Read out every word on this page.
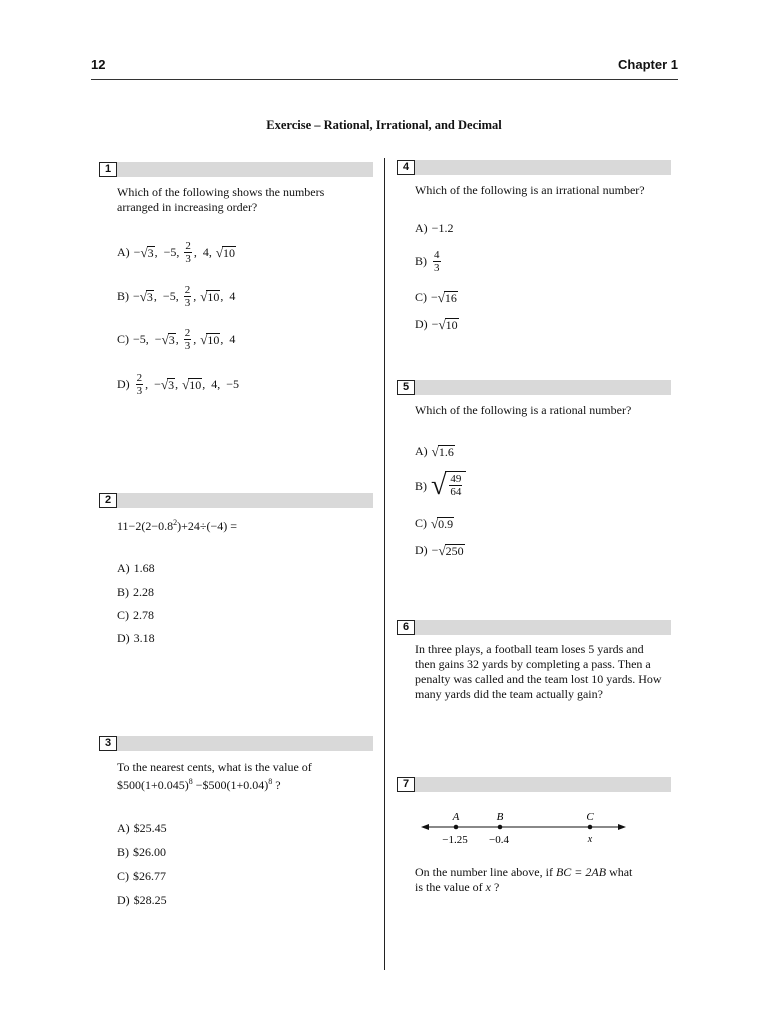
12	Chapter 1
Exercise – Rational, Irrational, and Decimal
1
Which of the following shows the numbers
arranged in increasing order?
A) − √ 3 , −5, $\frac{2}{3}$ , 4, √ 10
B) − √ 3 , −5, $\frac{2}{3}$ , √ 10 , 4
C) −5, − √ 3 , $\frac{2}{3}$ , √ 10 , 4
$D) \frac{2}{3}$ , − √ 3 , √ 10 , 4, −5
2
$11-2(2-0.8^2)+24\div(-4)$ =
A) 1.68
B) 2.28
C) 2.78
D) 3.18
3
To the nearest cents, what is the value of
$\$500(1+0.045)^8$ $-\$500(1+0.04)^8$ ?
A) $25.45
B) $26.00
C) $26.77
D) $28.25
4
Which of the following is an irrational number?
A) −1.2
$B) \frac{4}{3}$
C) − √ 16
D) − √ 10
5
Which of the following is a rational number?
A) √ 1.6
B) √ $\frac{49}{64}$
C) √ 0.9
D) − √ 250
6
In three plays, a football team loses 5 yards and then gains 32 yards by completing a pass. Then a penalty was called and the team lost 10 yards. How many yards did the team actually gain?
7
A	B	C
−1.25 −0.4	x
On the number line above, if BC = 2AB what
is the value of x ?
